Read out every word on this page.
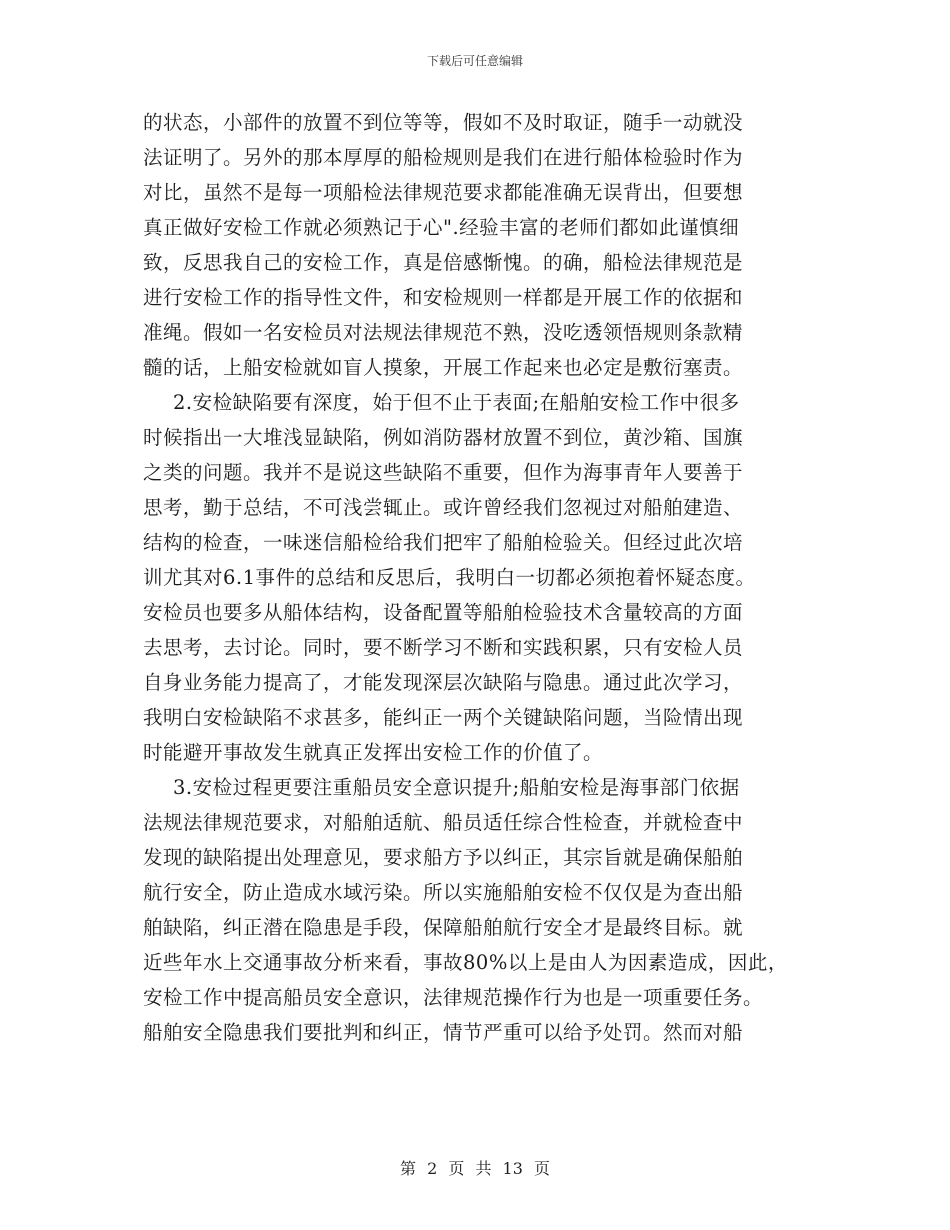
下载后可任意编辑
的状态，小部件的放置不到位等等，假如不及时取证，随手一动就没
法证明了。另外的那本厚厚的船检规则是我们在进行船体检验时作为
对比，虽然不是每一项船检法律规范要求都能准确无误背出，但要想
真正做好安检工作就必须熟记于心".经验丰富的老师们都如此谨慎细
致，反思我自己的安检工作，真是倍感惭愧。的确，船检法律规范是
进行安检工作的指导性文件，和安检规则一样都是开展工作的依据和
准绳。假如一名安检员对法规法律规范不熟，没吃透领悟规则条款精
髓的话，上船安检就如盲人摸象，开展工作起来也必定是敷衍塞责。
2.安检缺陷要有深度，始于但不止于表面;在船舶安检工作中很多
时候指出一大堆浅显缺陷，例如消防器材放置不到位，黄沙箱、国旗
之类的问题。我并不是说这些缺陷不重要，但作为海事青年人要善于
思考，勤于总结，不可浅尝辄止。或许曾经我们忽视过对船舶建造、
结构的检查，一味迷信船检给我们把牢了船舶检验关。但经过此次培
训尤其对6.1事件的总结和反思后，我明白一切都必须抱着怀疑态度。
安检员也要多从船体结构，设备配置等船舶检验技术含量较高的方面
去思考，去讨论。同时，要不断学习不断和实践积累，只有安检人员
自身业务能力提高了，才能发现深层次缺陷与隐患。通过此次学习，
我明白安检缺陷不求甚多，能纠正一两个关键缺陷问题，当险情出现
时能避开事故发生就真正发挥出安检工作的价值了。
3.安检过程更要注重船员安全意识提升;船舶安检是海事部门依据
法规法律规范要求，对船舶适航、船员适任综合性检查，并就检查中
发现的缺陷提出处理意见，要求船方予以纠正，其宗旨就是确保船舶
航行安全，防止造成水域污染。所以实施船舶安检不仅仅是为查出船
舶缺陷，纠正潜在隐患是手段，保障船舶航行安全才是最终目标。就
近些年水上交通事故分析来看，事故80%以上是由人为因素造成，因此，
安检工作中提高船员安全意识，法律规范操作行为也是一项重要任务。
船舶安全隐患我们要批判和纠正，情节严重可以给予处罚。然而对船
第 2 页 共 13 页
